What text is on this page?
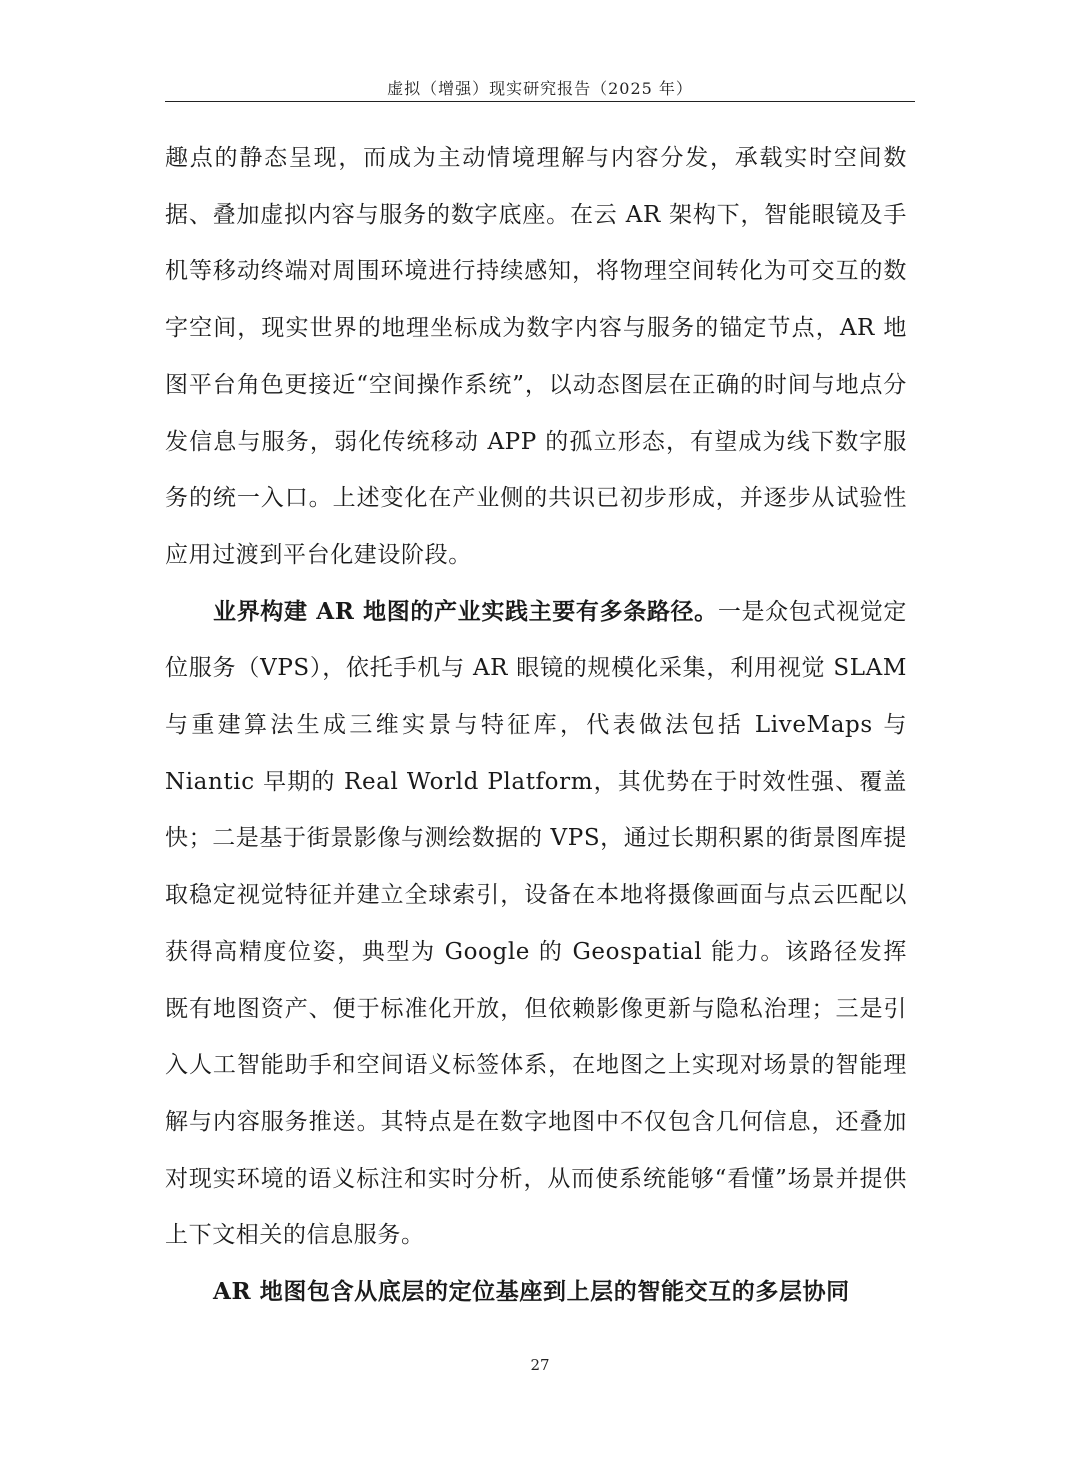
虚拟（增强）现实研究报告（2025 年）

趣点的静态呈现，而成为主动情境理解与内容分发，承载实时空间数据、叠加虚拟内容与服务的数字底座。在云 AR 架构下，智能眼镜及手机等移动终端对周围环境进行持续感知，将物理空间转化为可交互的数字空间，现实世界的地理坐标成为数字内容与服务的锚定节点，AR 地图平台角色更接近“空间操作系统”，以动态图层在正确的时间与地点分发信息与服务，弱化传统移动 APP 的孤立形态，有望成为线下数字服务的统一入口。上述变化在产业侧的共识已初步形成，并逐步从试验性应用过渡到平台化建设阶段。

业界构建 AR 地图的产业实践主要有多条路径。一是众包式视觉定位服务（VPS），依托手机与 AR 眼镜的规模化采集，利用视觉 SLAM 与重建算法生成三维实景与特征库，代表做法包括 LiveMaps 与 Niantic 早期的 Real World Platform，其优势在于时效性强、覆盖快；二是基于街景影像与测绘数据的 VPS，通过长期积累的街景图库提取稳定视觉特征并建立全球索引，设备在本地将摄像画面与点云匹配以获得高精度位姿，典型为 Google 的 Geospatial 能力。该路径发挥既有地图资产、便于标准化开放，但依赖影像更新与隐私治理；三是引入人工智能助手和空间语义标签体系，在地图之上实现对场景的智能理解与内容服务推送。其特点是在数字地图中不仅包含几何信息，还叠加对现实环境的语义标注和实时分析，从而使系统能够“看懂”场景并提供上下文相关的信息服务。

AR 地图包含从底层的定位基座到上层的智能交互的多层协同

27
